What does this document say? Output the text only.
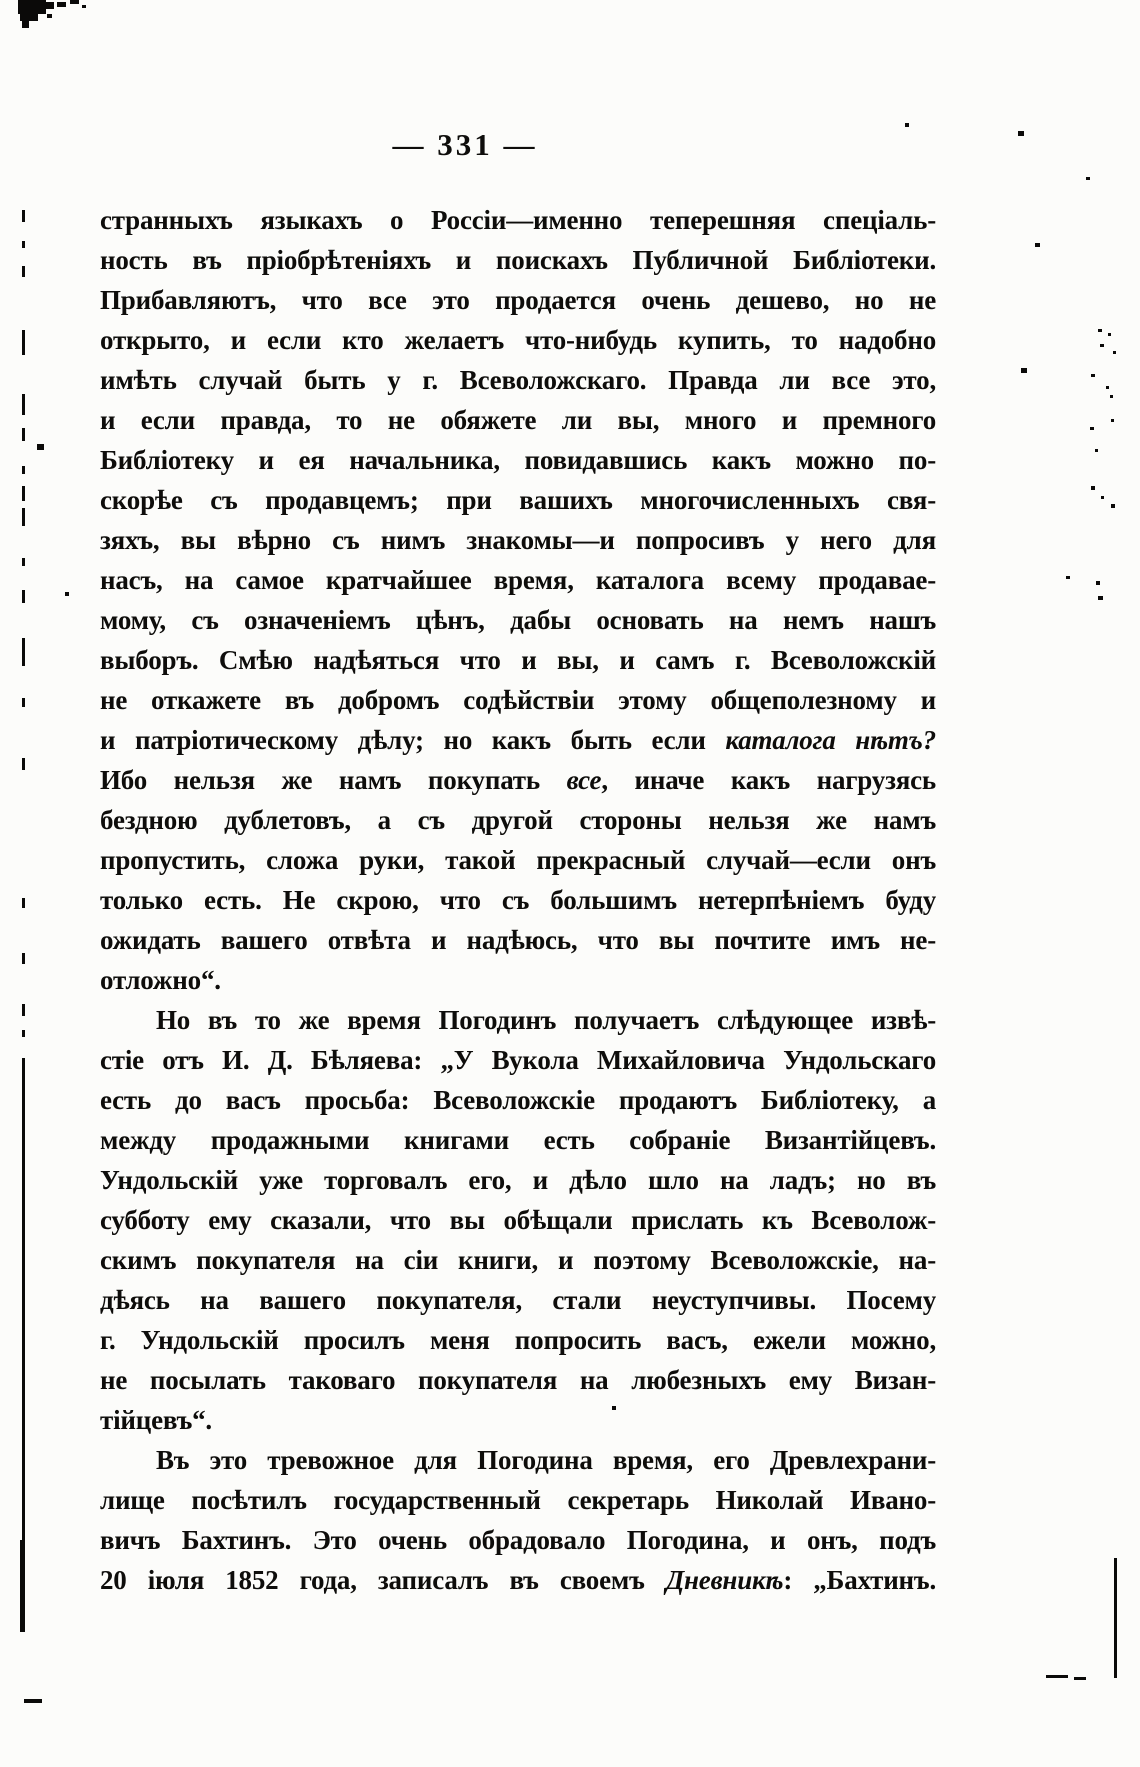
— 331 —
странныхъ языкахъ о Россіи—именно теперешняя спеціаль-
ность въ пріобрѣтеніяхъ и поискахъ Публичной Библіотеки.
Прибавляютъ, что все это продается очень дешево, но не
открыто, и если кто желаетъ что-нибудь купить, то надобно
имѣть случай быть у г. Всеволожскаго. Правда ли все это,
и если правда, то не обяжете ли вы, много и премного
Библіотеку и ея начальника, повидавшись какъ можно по-
скорѣе съ продавцемъ; при вашихъ многочисленныхъ свя-
зяхъ, вы вѣрно съ нимъ знакомы—и попросивъ у него для
насъ, на самое кратчайшее время, каталога всему продавае-
мому, съ означеніемъ цѣнъ, дабы основать на немъ нашъ
выборъ. Смѣю надѣяться что и вы, и самъ г. Всеволожскій
не откажете въ добромъ содѣйствіи этому общеполезному и
и патріотическому дѣлу; но какъ быть если каталога нѣтъ?
Ибо нельзя же намъ покупать все, иначе какъ нагрузясь
бездною дублетовъ, а съ другой стороны нельзя же намъ
пропустить, сложа руки, такой прекрасный случай—если онъ
только есть. Не скрою, что съ большимъ нетерпѣніемъ буду
ожидать вашего отвѣта и надѣюсь, что вы почтите имъ не-
отложно“.
Но въ то же время Погодинъ получаетъ слѣдующее извѣ-
стіе отъ И. Д. Бѣляева: „У Вукола Михайловича Ундольскаго
есть до васъ просьба: Всеволожскіе продаютъ Библіотеку, а
между продажными книгами есть собраніе Византійцевъ.
Ундольскій уже торговалъ его, и дѣло шло на ладъ; но въ
субботу ему сказали, что вы обѣщали прислать къ Всеволож-
скимъ покупателя на сіи книги, и поэтому Всеволожскіе, на-
дѣясь на вашего покупателя, стали неуступчивы. Посему
г. Ундольскій просилъ меня попросить васъ, ежели можно,
не посылать таковаго покупателя на любезныхъ ему Визан-
тійцевъ“.
Въ это тревожное для Погодина время, его Древлехрани-
лище посѣтилъ государственный секретарь Николай Ивано-
вичъ Бахтинъ. Это очень обрадовало Погодина, и онъ, подъ
20 іюля 1852 года, записалъ въ своемъ Дневникѣ: „Бахтинъ.
